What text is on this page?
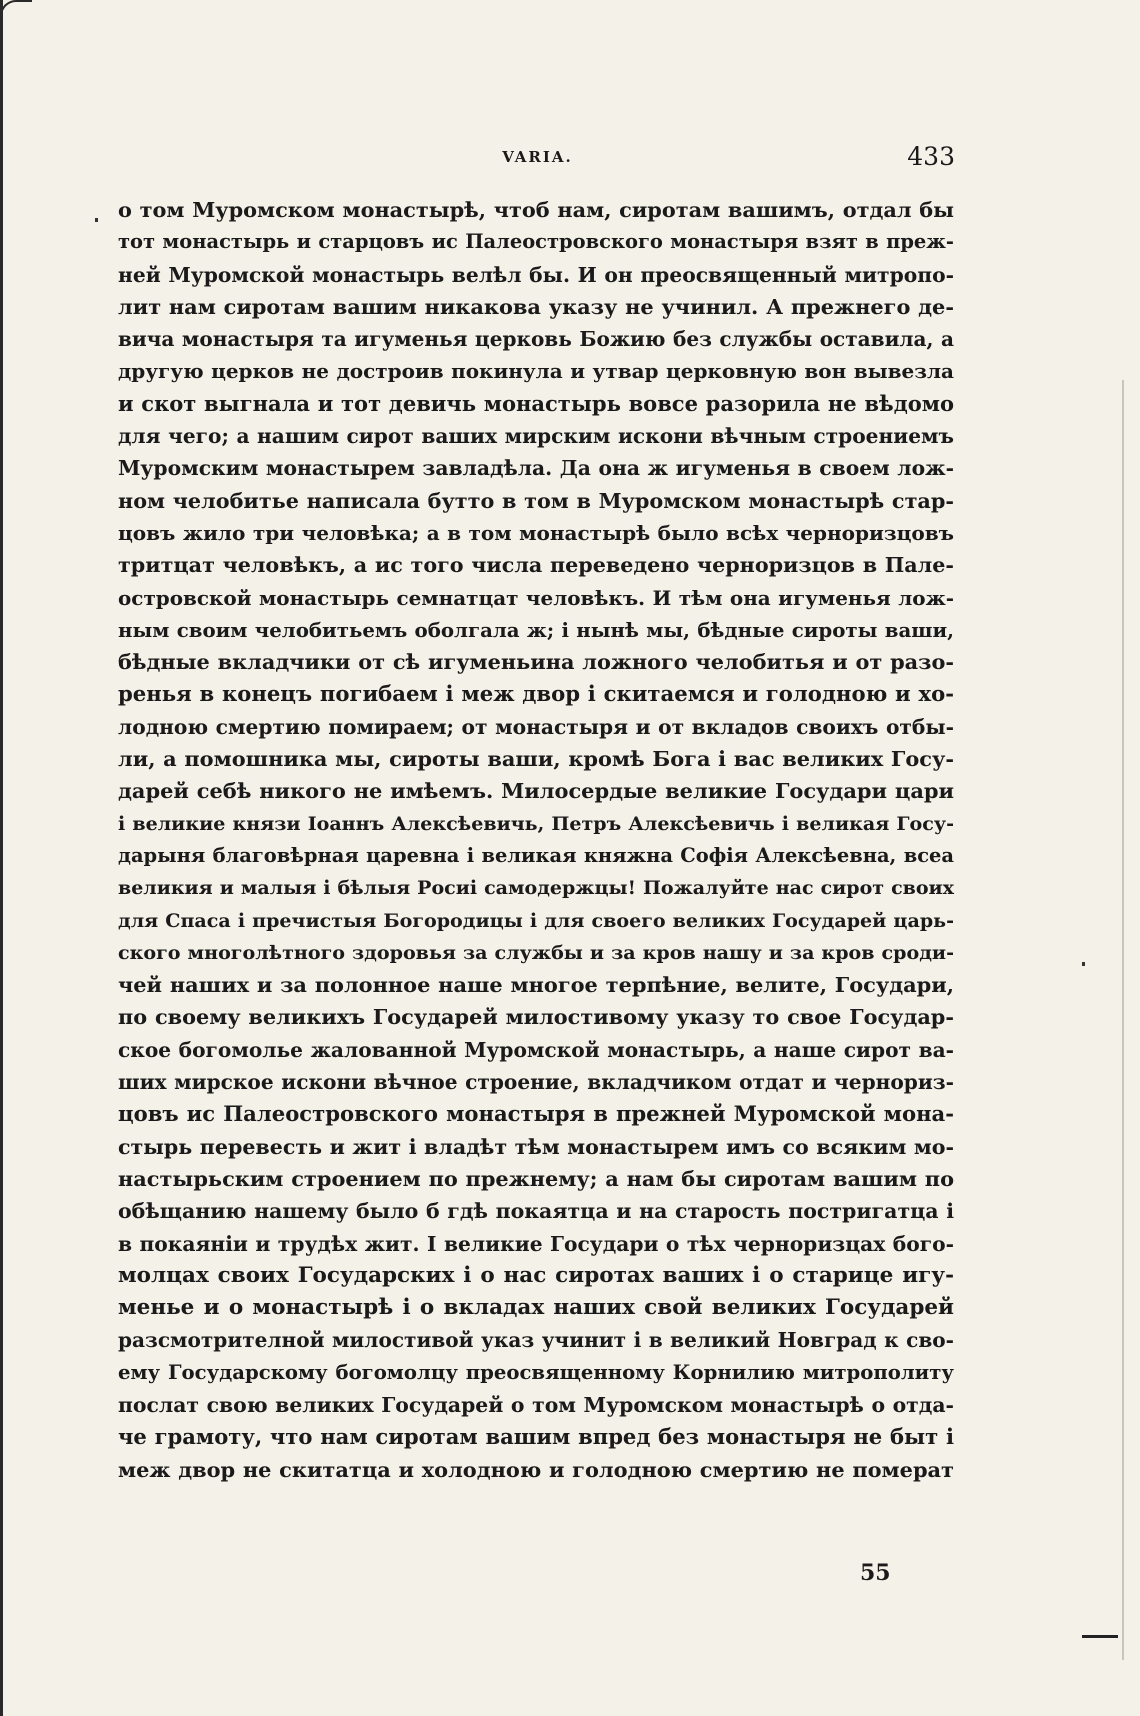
VARIA.	433
о том Муромском монастырѣ, чтоб нам, сиротам вашимъ, отдал бы
тот монастырь и старцовъ ис Палеостровского монастыря взят в преж-
ней Муромской монастырь велѣл бы. И он преосвященный митропо-
лит нам сиротам вашим никакова указу не учинил. А прежнего де-
вича монастыря та игуменья церковь Божию без службы оставила, а
другую церков не достроив покинула и утвар церковную вон вывезла
и скот выгнала и тот девичь монастырь вовсе разорила не вѣдомо
для чего; а нашим сирот ваших мирским искони вѣчным строениемъ
Муромским монастырем завладѣла. Да она ж игуменья в своем лож-
ном челобитье написала бутто в том в Муромском монастырѣ стар-
цовъ жило три человѣка; а в том монастырѣ было всѣх черноризцовъ
тритцат человѣкъ, а ис того числа переведено черноризцов в Пале-
островской монастырь семнатцат человѣкъ. И тѣм она игуменья лож-
ным своим челобитьемъ оболгала ж; і нынѣ мы, бѣдные сироты ваши,
бѣдные вкладчики от сѣ игуменьина ложного челобитья и от разо-
ренья в конецъ погибаем і меж двор і скитаемся и голодною и хо-
лодною смертию помираем; от монастыря и от вкладов своихъ отбы-
ли, а помошника мы, сироты ваши, кромѣ Бога і вас великих Госу-
дарей себѣ никого не имѣемъ. Милосердые великие Государи цари
і великие князи Іоаннъ Алексѣевичь, Петръ Алексѣевичь і великая Госу-
дарыня благовѣрная царевна і великая княжна Софія Алексѣевна, всеа
великия и малыя і бѣлыя Росиі самодержцы! Пожалуйте нас сирот своих
для Спаса і пречистыя Богородицы і для своего великих Государей царь-
ского многолѣтного здоровья за службы и за кров нашу и за кров сроди-
чей наших и за полонное наше многое терпѣние, велите, Государи,
по своему великихъ Государей милостивому указу то свое Государ-
ское богомолье жалованной Муромской монастырь, а наше сирот ва-
ших мирское искони вѣчное строение, вкладчиком отдат и чернориз-
цовъ ис Палеостровского монастыря в прежней Муромской мона-
стырь перевесть и жит і владѣт тѣм монастырем имъ со всяким мо-
настырьским строением по прежнему; а нам бы сиротам вашим по
обѣщанию нашему было б гдѣ покаятца и на старость постригатца і
в покаяніи и трудѣх жит. І великие Государи о тѣх черноризцах бого-
молцах своих Государских і о нас сиротах ваших і о старице игу-
менье и о монастырѣ і о вкладах наших свой великих Государей
разсмотрителной милостивой указ учинит і в великий Новград к сво-
ему Государскому богомолцу преосвященному Корнилию митрополиту
послат свою великих Государей о том Муромском монастырѣ о отда-
че грамоту, что нам сиротам вашим впред без монастыря не быт і
меж двор не скитатца и холодною и голодною смертию не померат
55
